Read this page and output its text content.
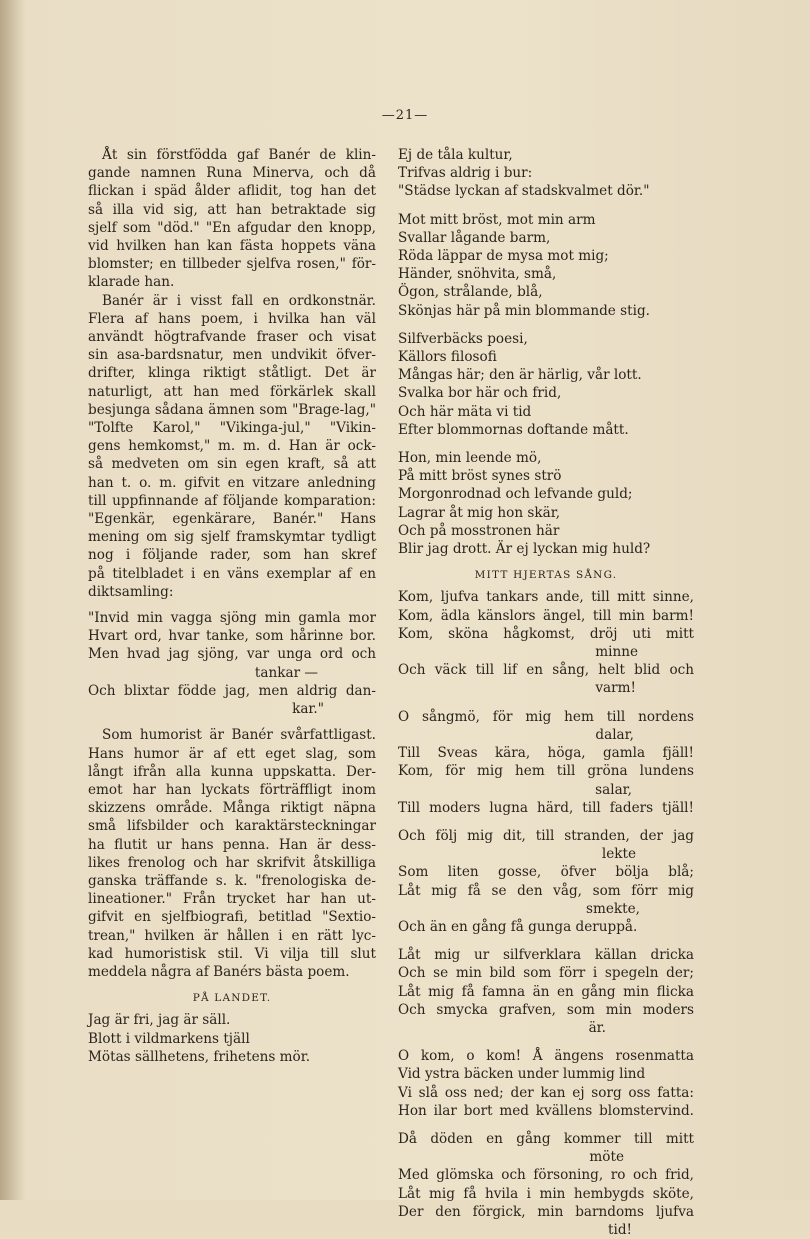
—21—
Åt sin förstfödda gaf Banér de klin-
gande namnen Runa Minerva, och då
flickan i späd ålder aflidit, tog han det
så illa vid sig, att han betraktade sig
sjelf som "död." "En afgudar den knopp,
vid hvilken han kan fästa hoppets väna
blomster; en tillbeder sjelfva rosen," för-
klarade han.
Banér är i visst fall en ordkonstnär.
Flera af hans poem, i hvilka han väl
användt högtrafvande fraser och visat
sin asa-bardsnatur, men undvikit öfver-
drifter, klinga riktigt ståtligt. Det är
naturligt, att han med förkärlek skall
besjunga sådana ämnen som "Brage-lag,"
"Tolfte Karol," "Vikinga-jul," "Vikin-
gens hemkomst," m. m. d. Han är ock-
så medveten om sin egen kraft, så att
han t. o. m. gifvit en vitzare anledning
till uppfinnande af följande komparation:
"Egenkär, egenkärare, Banér." Hans
mening om sig sjelf framskymtar tydligt
nog i följande rader, som han skref
på titelbladet i en väns exemplar af en
diktsamling:
"Invid min vagga sjöng min gamla mor
Hvart ord, hvar tanke, som hårinne bor.
Men hvad jag sjöng, var unga ord och
tankar —
Och blixtar födde jag, men aldrig dan-
kar."
Som humorist är Banér svårfattligast.
Hans humor är af ett eget slag, som
långt ifrån alla kunna uppskatta. Der-
emot har han lyckats förträffligt inom
skizzens område. Många riktigt näpna
små lifsbilder och karaktärsteckningar
ha flutit ur hans penna. Han är dess-
likes frenolog och har skrifvit åtskilliga
ganska träffande s. k. "frenologiska de-
lineationer." Från trycket har han ut-
gifvit en sjelfbiografi, betitlad "Sextio-
trean," hvilken är hållen i en rätt lyc-
kad humoristisk stil. Vi vilja till slut
meddela några af Banérs bästa poem.
PÅ LANDET.
Jag är fri, jag är säll.
Blott i vildmarkens tjäll
Mötas sällhetens, frihetens mör.
Ej de tåla kultur,
Trifvas aldrig i bur:
"Städse lyckan af stadskvalmet dör."
Mot mitt bröst, mot min arm
Svallar lågande barm,
Röda läppar de mysa mot mig;
Händer, snöhvita, små,
Ögon, strålande, blå,
Skönjas här på min blommande stig.
Silfverbäcks poesi,
Källors filosofi
Mångas här; den är härlig, vår lott.
Svalka bor här och frid,
Och här mäta vi tid
Efter blommornas doftande mått.
Hon, min leende mö,
På mitt bröst synes strö
Morgonrodnad och lefvande guld;
Lagrar åt mig hon skär,
Och på mosstronen här
Blir jag drott. Är ej lyckan mig huld?
MITT HJERTAS SÅNG.
Kom, ljufva tankars ande, till mitt sinne,
Kom, ädla känslors ängel, till min barm!
Kom, sköna hågkomst, dröj uti mitt
minne
Och väck till lif en sång, helt blid och
varm!
O sångmö, för mig hem till nordens
dalar,
Till Sveas kära, höga, gamla fjäll!
Kom, för mig hem till gröna lundens
salar,
Till moders lugna härd, till faders tjäll!
Och följ mig dit, till stranden, der jag
lekte
Som liten gosse, öfver bölja blå;
Låt mig få se den våg, som förr mig
smekte,
Och än en gång få gunga deruppå.
Låt mig ur silfverklara källan dricka
Och se min bild som förr i spegeln der;
Låt mig få famna än en gång min flicka
Och smycka grafven, som min moders
är.
O kom, o kom! Å ängens rosenmatta
Vid ystra bäcken under lummig lind
Vi slå oss ned; der kan ej sorg oss fatta:
Hon ilar bort med kvällens blomstervind.
Då döden en gång kommer till mitt
möte
Med glömska och försoning, ro och frid,
Låt mig få hvila i min hembygds sköte,
Der den förgick, min barndoms ljufva
tid!
